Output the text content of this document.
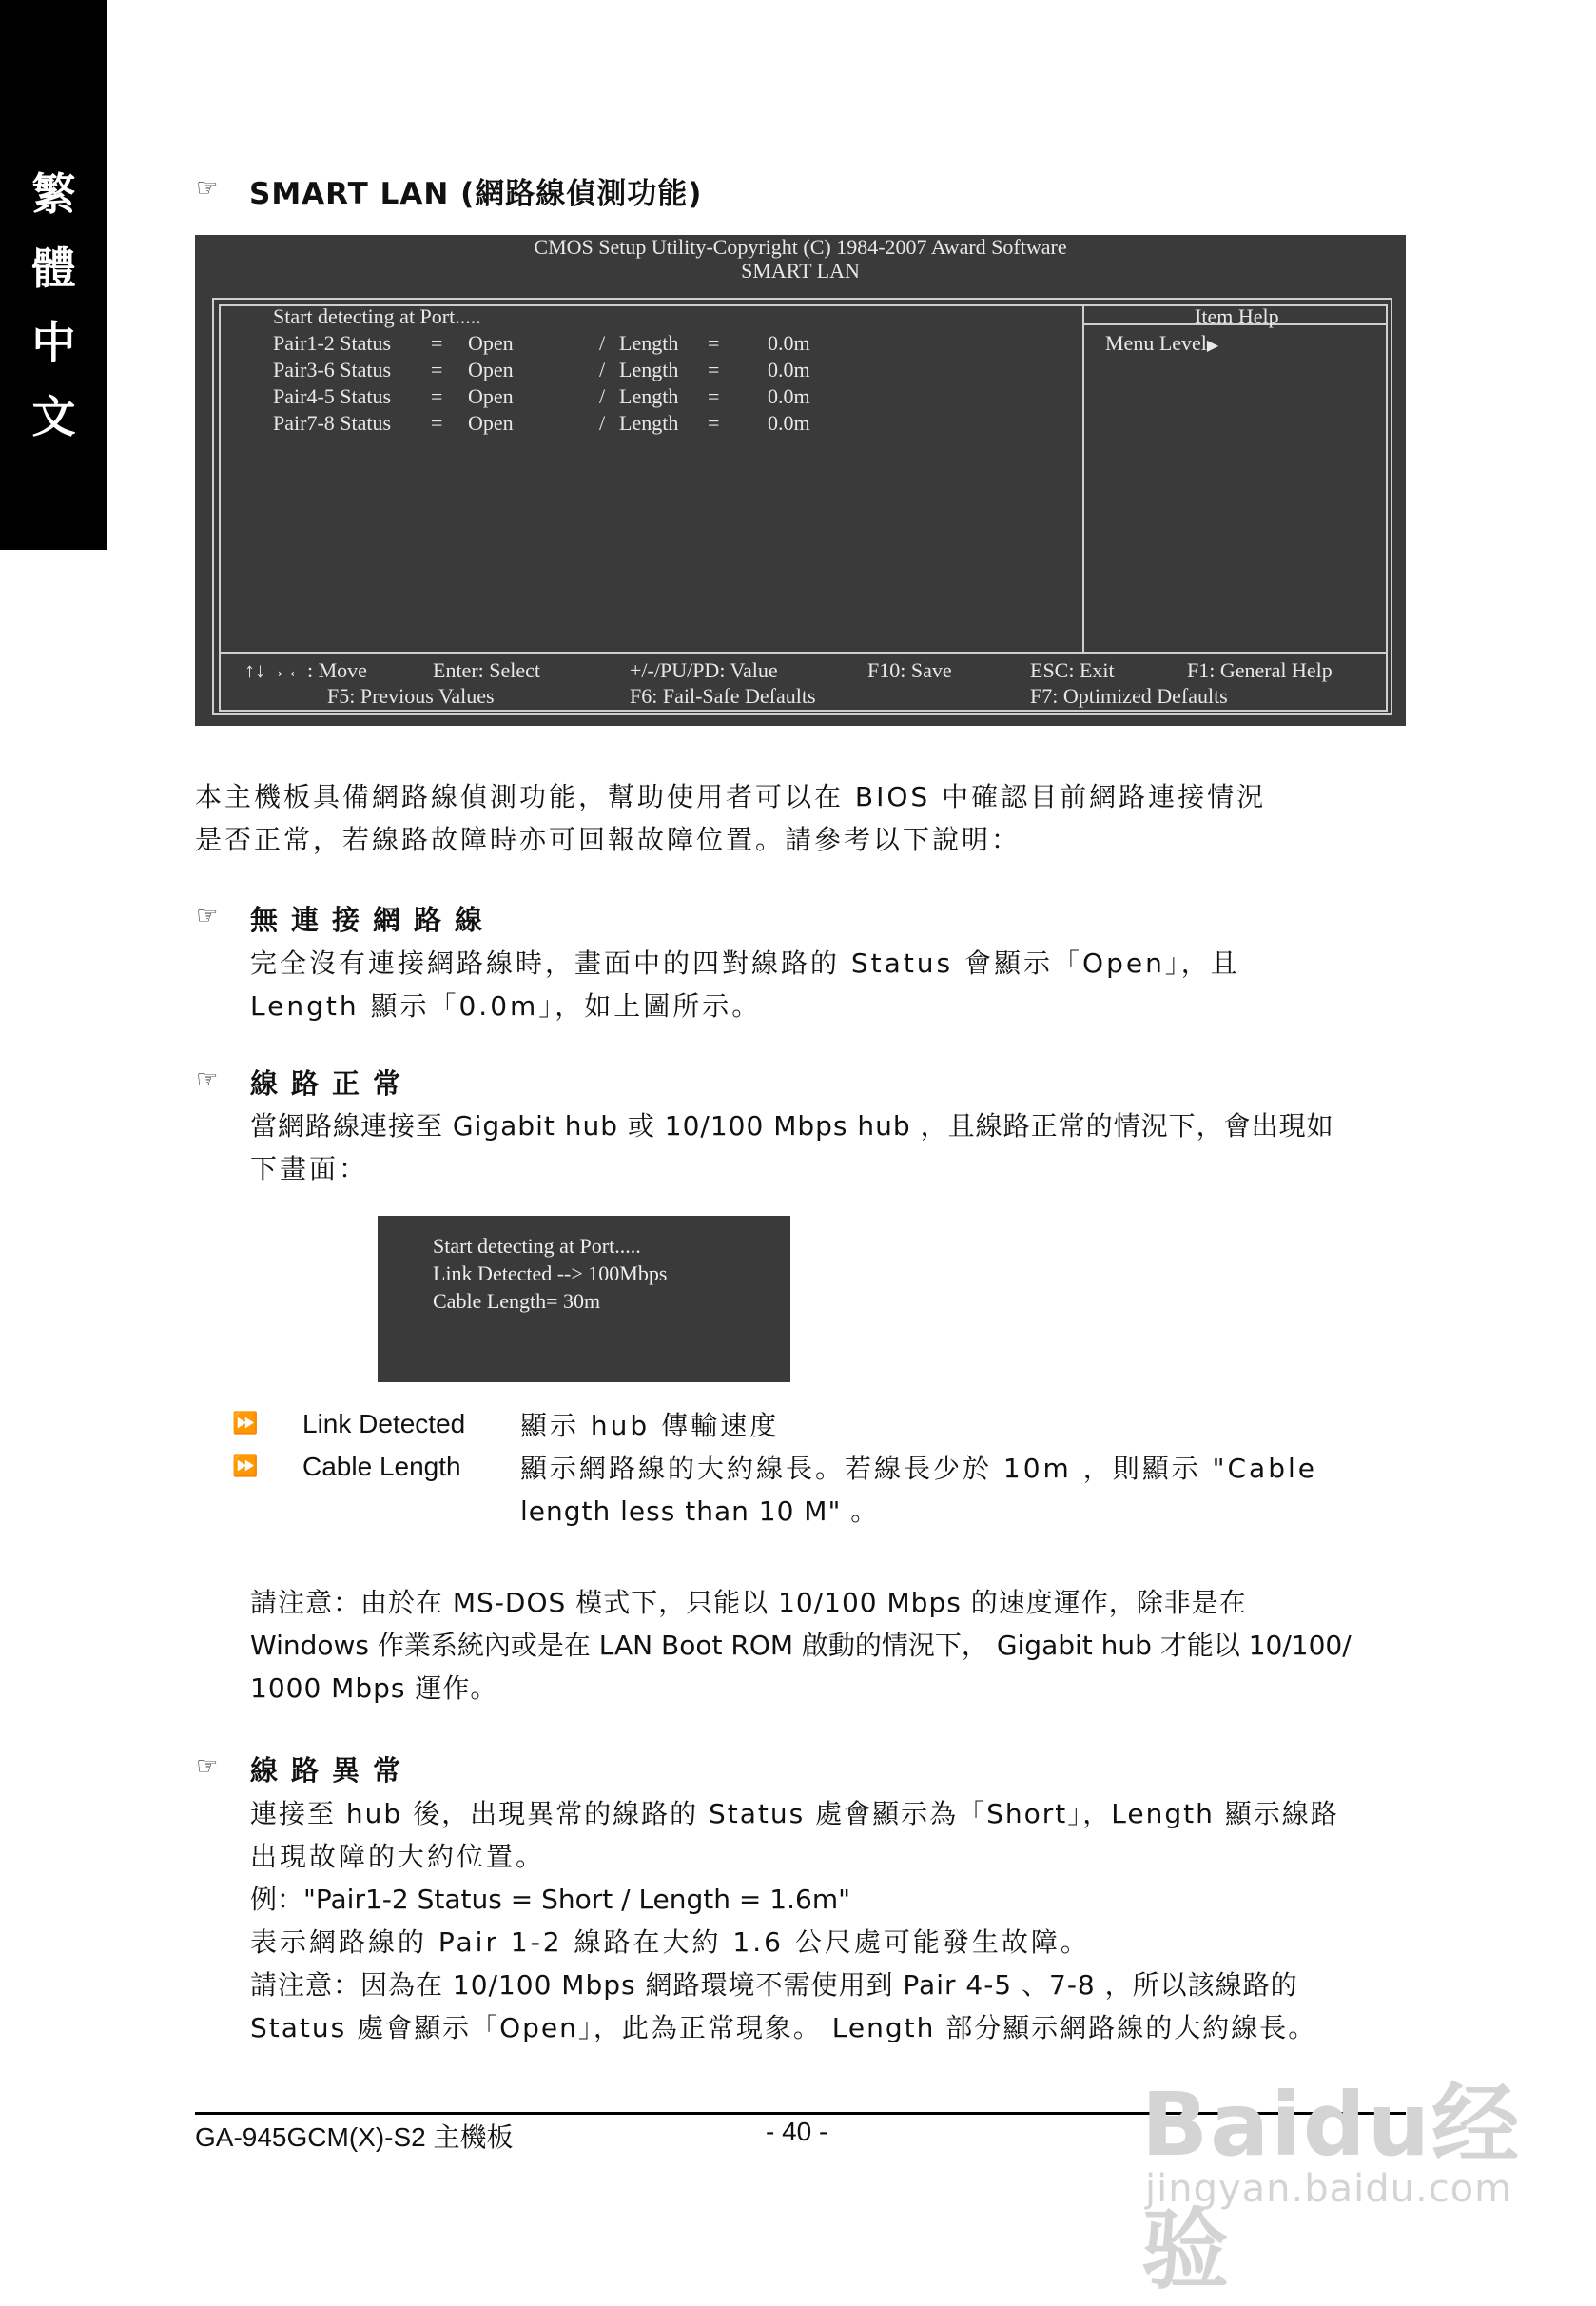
繁
體
中
文
☞ SMART LAN (網路線偵測功能)
CMOS Setup Utility-Copyright (C) 1984-2007 Award Software
SMART LAN
Start detecting at Port.....
Pair1-2 Status = Open	/ Length = 0.0m
Pair3-6 Status = Open	/ Length = 0.0m
Pair4-5 Status = Open	/ Length = 0.0m
Pair7-8 Status = Open	/ Length = 0.0m
Item Help
Menu Level▶
↑↓→←: Move	Enter: Select	+/-/PU/PD: Value	F10: Save	ESC: Exit	F1: General Help
F5: Previous Values	F6: Fail-Safe Defaults	F7: Optimized Defaults
本主機板具備網路線偵測功能，幫助使用者可以在 BIOS 中確認目前網路連接情況
是否正常，若線路故障時亦可回報故障位置。請參考以下說明：
☞ 無連接網路線
完全沒有連接網路線時，畫面中的四對線路的 Status 會顯示「Open」，且
Length 顯示「0.0m」，如上圖所示。
☞ 線路正常
當網路線連接至 Gigabit hub 或 10/100 Mbps hub ，且線路正常的情況下，會出現如
下畫面：
Start detecting at Port.....
Link Detected --> 100Mbps
Cable Length= 30m
⏩ Link Detected 顯示 hub 傳輸速度
⏩ Cable Length 顯示網路線的大約線長。若線長少於 10m ，則顯示 "Cable
length less than 10 M" 。
請注意：由於在 MS-DOS 模式下，只能以 10/100 Mbps 的速度運作，除非是在
Windows 作業系統內或是在 LAN Boot ROM 啟動的情況下， Gigabit hub 才能以 10/100/
1000 Mbps 運作。
☞ 線路異常
連接至 hub 後，出現異常的線路的 Status 處會顯示為「Short」，Length 顯示線路
出現故障的大約位置。
例："Pair1-2 Status = Short / Length = 1.6m"
表示網路線的 Pair 1-2 線路在大約 1.6 公尺處可能發生故障。
請注意：因為在 10/100 Mbps 網路環境不需使用到 Pair 4-5 、7-8 ，所以該線路的
Status 處會顯示「Open」，此為正常現象。 Length 部分顯示網路線的大約線長。
GA-945GCM(X)-S2 主機板	- 40 -	Baidu经验
jingyan.baidu.com
